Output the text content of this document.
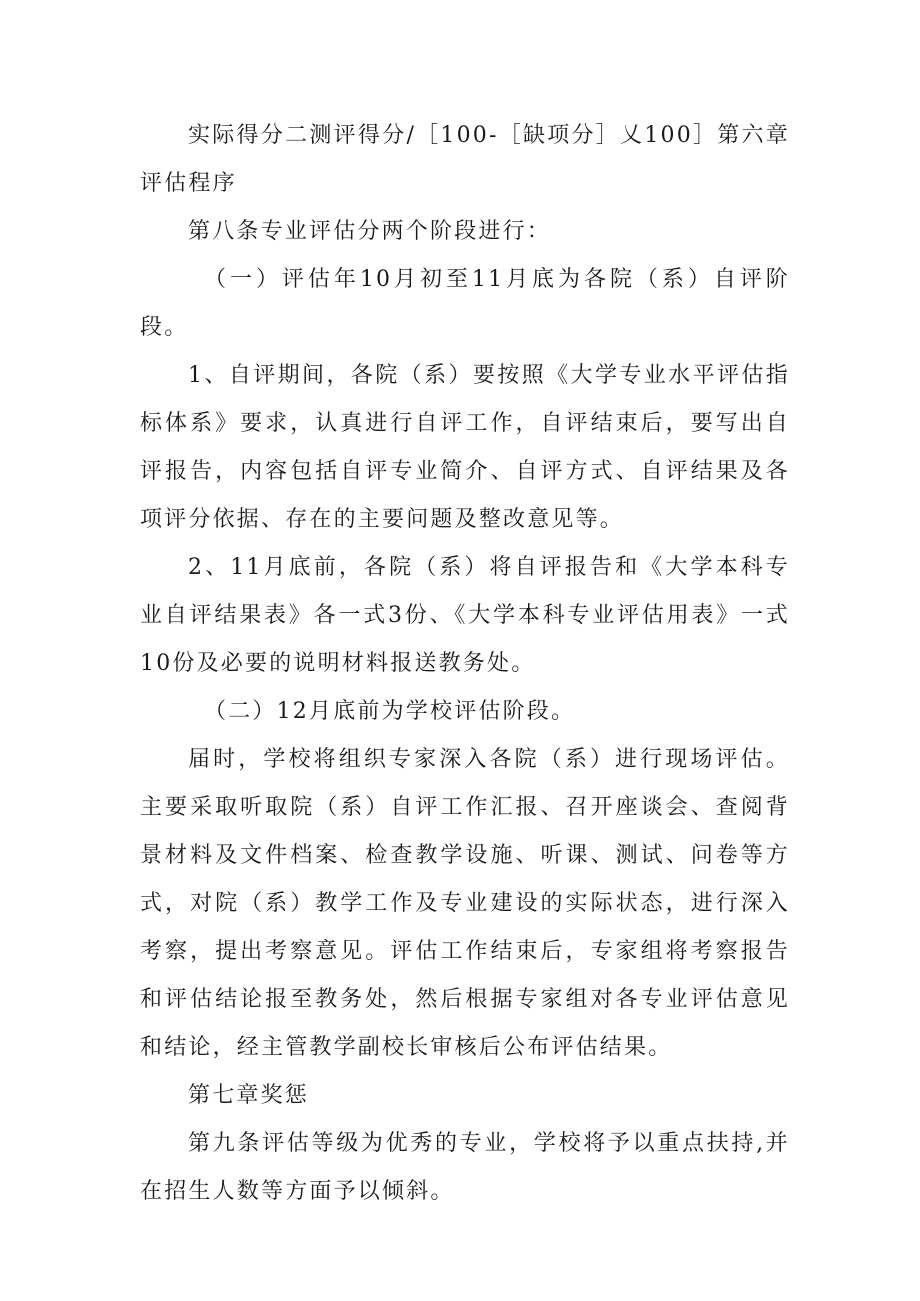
实际得分二测评得分/［100-［缺项分］乂100］第六章评估程序

第八条专业评估分两个阶段进行：

（一）评估年10月初至11月底为各院（系）自评阶段。

1、自评期间，各院（系）要按照《大学专业水平评估指标体系》要求，认真进行自评工作，自评结束后，要写出自评报告，内容包括自评专业简介、自评方式、自评结果及各项评分依据、存在的主要问题及整改意见等。

2、11月底前，各院（系）将自评报告和《大学本科专业自评结果表》各一式3份、《大学本科专业评估用表》一式10份及必要的说明材料报送教务处。

（二）12月底前为学校评估阶段。

届时，学校将组织专家深入各院（系）进行现场评估。主要采取听取院（系）自评工作汇报、召开座谈会、查阅背景材料及文件档案、检查教学设施、听课、测试、问卷等方式，对院（系）教学工作及专业建设的实际状态，进行深入考察，提出考察意见。评估工作结束后，专家组将考察报告和评估结论报至教务处，然后根据专家组对各专业评估意见和结论，经主管教学副校长审核后公布评估结果。

第七章奖惩

第九条评估等级为优秀的专业，学校将予以重点扶持,并在招生人数等方面予以倾斜。
